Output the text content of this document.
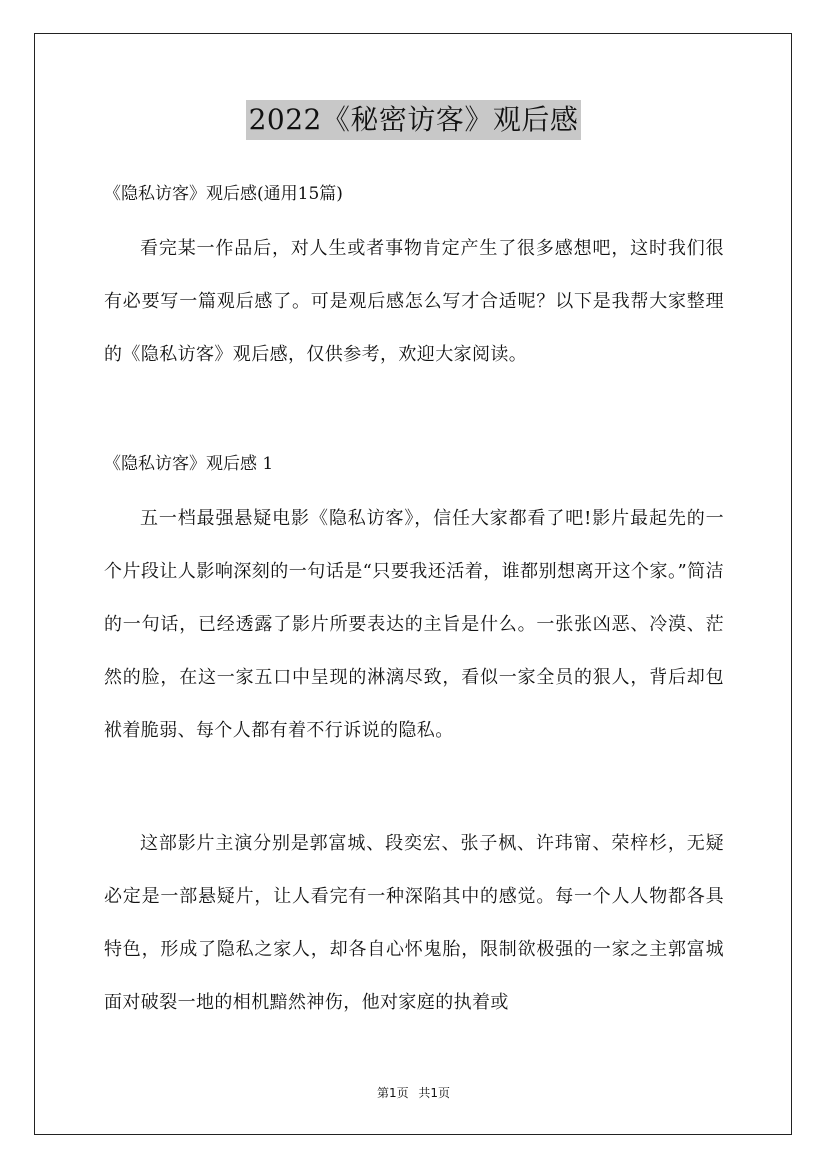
2022《秘密访客》观后感
《隐私访客》观后感(通用15篇)

看完某一作品后，对人生或者事物肯定产生了很多感想吧，这时我们很有必要写一篇观后感了。可是观后感怎么写才合适呢？以下是我帮大家整理的《隐私访客》观后感，仅供参考，欢迎大家阅读。

《隐私访客》观后感 1

五一档最强悬疑电影《隐私访客》，信任大家都看了吧!影片最起先的一个片段让人影响深刻的一句话是“只要我还活着，谁都别想离开这个家。”简洁的一句话，已经透露了影片所要表达的主旨是什么。一张张凶恶、冷漠、茫然的脸，在这一家五口中呈现的淋漓尽致，看似一家全员的狠人，背后却包袱着脆弱、每个人都有着不行诉说的隐私。

这部影片主演分别是郭富城、段奕宏、张子枫、许玮甯、荣梓杉，无疑必定是一部悬疑片，让人看完有一种深陷其中的感觉。每一个人人物都各具特色，形成了隐私之家人，却各自心怀鬼胎，限制欲极强的一家之主郭富城面对破裂一地的相机黯然神伤，他对家庭的执着或

第1页 共1页
